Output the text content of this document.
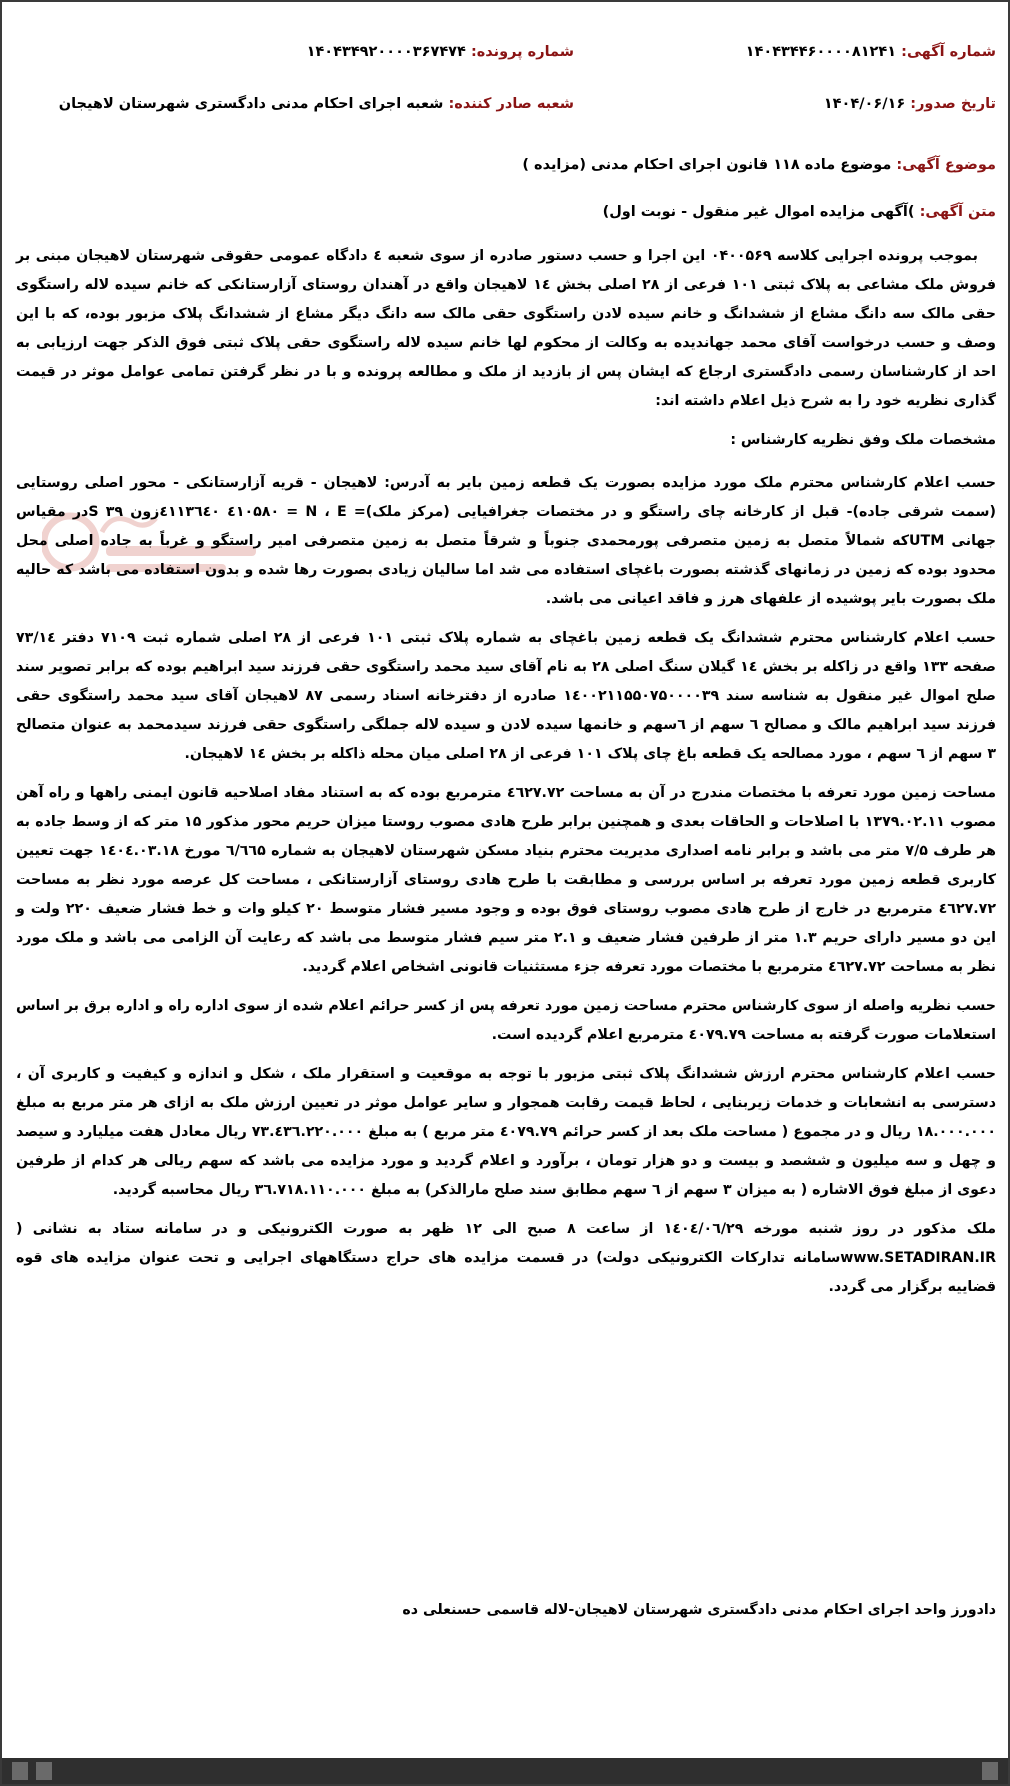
شماره آگهی: ۱۴۰۴۳۴۴۶۰۰۰۰۸۱۲۴۱
شماره پرونده: ۱۴۰۴۳۴۹۲۰۰۰۰۳۶۷۴۷۴
تاریخ صدور: ۱۴۰۴/۰۶/۱۶
شعبه صادر کننده: شعبه اجرای احکام مدنی دادگستری شهرستان لاهیجان
موضوع آگهی: موضوع ماده ۱۱۸ قانون اجرای احکام مدنی (مزایده )
متن آگهی: )آگهی مزایده اموال غیر منقول - نوبت اول)

بموجب پرونده اجرایی کلاسه ۰۴۰۰۵۶۹ این اجرا و حسب دستور صادره از سوی شعبه ٤ دادگاه عمومی حقوقی شهرستان لاهیجان مبنی بر فروش ملک مشاعی به پلاک ثبتی ۱۰۱ فرعی از ۲۸ اصلی بخش ۱٤ لاهیجان واقع در آهندان روستای آزارستانکی که خانم سیده لاله راستگوی حقی مالک سه دانگ مشاع از ششدانگ و خانم سیده لادن راستگوی حقی مالک سه دانگ دیگر مشاع از ششدانگ پلاک مزبور بوده، که با این وصف و حسب درخواست آقای محمد جهاندیده به وکالت از محکوم لها خانم سیده لاله راستگوی حقی پلاک ثبتی فوق الذکر جهت ارزیابی به احد از کارشناسان رسمی دادگستری ارجاع که ایشان پس از بازدید از ملک و مطالعه پرونده و با در نظر گرفتن تمامی عوامل موثر در قیمت گذاری نظریه خود را به شرح ذیل اعلام داشته اند:

مشخصات ملک وفق نظریه کارشناس :

حسب اعلام کارشناس محترم ملک مورد مزایده بصورت یک قطعه زمین بایر به آدرس: لاهیجان - قریه آزارستانکی - محور اصلی روستایی (سمت شرقی جاده)- قبل از کارخانه چای راستگو و در مختصات جغرافیایی (مرکز ملک)= N ، E = ٤۱۰۵۸۰ ٤۱۱۳٦٤۰زون ۳۹ Sدر مقیاس جهانی UTMکه شمالاً متصل به زمین متصرفی پورمحمدی جنوباً و شرقاً متصل به زمین متصرفی امیر راستگو و غرباً به جاده اصلی محل محدود بوده که زمین در زمانهای گذشته بصورت باغچای استفاده می شد اما سالیان زیادی بصورت رها شده و بدون استفاده می باشد که حالیه ملک بصورت بایر پوشیده از علفهای هرز و فاقد اعیانی می باشد.

حسب اعلام کارشناس محترم ششدانگ یک قطعه زمین باغچای به شماره پلاک ثبتی ۱۰۱ فرعی از ۲۸ اصلی شماره ثبت ۷۱۰۹ دفتر ۷۳/۱٤ صفحه ۱۳۳ واقع در زاکله بر بخش ۱٤ گیلان سنگ اصلی ۲۸ به نام آقای سید محمد راستگوی حقی فرزند سید ابراهیم بوده که برابر تصویر سند صلح اموال غیر منقول به شناسه سند ۱٤۰۰۲۱۱۵۵۰۷۵۰۰۰۰۳۹ صادره از دفترخانه اسناد رسمی ۸۷ لاهیجان آقای سید محمد راستگوی حقی فرزند سید ابراهیم مالک و مصالح ٦ سهم از ٦سهم و خانمها سیده لادن و سیده لاله جملگی راستگوی حقی فرزند سیدمحمد به عنوان متصالح ۳ سهم از ٦ سهم ، مورد مصالحه یک قطعه باغ چای پلاک ۱۰۱ فرعی از ۲۸ اصلی میان محله ذاکله بر بخش ۱٤ لاهیجان.

مساحت زمین مورد تعرفه با مختصات مندرج در آن به مساحت ٤٦۲۷.۷۲ مترمربع بوده که به استناد مفاد اصلاحیه قانون ایمنی راهها و راه آهن مصوب ۱۳۷۹.۰۲.۱۱ با اصلاحات و الحاقات بعدی و همچنین برابر طرح هادی مصوب روستا میزان حریم محور مذکور ۱۵ متر که از وسط جاده به هر طرف ۷/۵ متر می باشد و برابر نامه اصداری مدیریت محترم بنیاد مسکن شهرستان لاهیجان به شماره ٦/٦٦۵ مورخ ۱٤۰٤.۰۳.۱۸ جهت تعیین کاربری قطعه زمین مورد تعرفه بر اساس بررسی و مطابقت با طرح هادی روستای آزارستانکی ، مساحت کل عرصه مورد نظر به مساحت ٤٦۲۷.۷۲ مترمربع در خارج از طرح هادی مصوب روستای فوق بوده و وجود مسیر فشار متوسط ۲۰ کیلو وات و خط فشار ضعیف ۲۲۰ ولت و این دو مسیر دارای حریم ۱.۳ متر از طرفین فشار ضعیف و ۲.۱ متر سیم فشار متوسط می باشد که رعایت آن الزامی می باشد و ملک مورد نظر به مساحت ٤٦۲۷.۷۲ مترمربع با مختصات مورد تعرفه جزء مستثنیات قانونی اشخاص اعلام گردید.

حسب نظریه واصله از سوی کارشناس محترم مساحت زمین مورد تعرفه پس از کسر حرائم اعلام شده از سوی اداره راه و اداره برق بر اساس استعلامات صورت گرفته به مساحت ٤۰۷۹.۷۹ مترمربع اعلام گردیده است.

حسب اعلام کارشناس محترم ارزش ششدانگ پلاک ثبتی مزبور با توجه به موقعیت و استقرار ملک ، شکل و اندازه و کیفیت و کاربری آن ، دسترسی به انشعابات و خدمات زیربنایی ، لحاظ قیمت رقابت همجوار و سایر عوامل موثر در تعیین ارزش ملک به ازای هر متر مربع به مبلغ ۱۸.۰۰۰.۰۰۰ ریال و در مجموع ( مساحت ملک بعد از کسر حرائم ٤۰۷۹.۷۹ متر مربع ) به مبلغ ۷۳.٤۳٦.۲۲۰.۰۰۰ ریال معادل هفت میلیارد و سیصد و چهل و سه میلیون و ششصد و بیست و دو هزار تومان ، برآورد و اعلام گردید و مورد مزایده می باشد که سهم ریالی هر کدام از طرفین دعوی از مبلغ فوق الاشاره ( به میزان ۳ سهم از ٦ سهم مطابق سند صلح مارالذکر) به مبلغ ۳٦.۷۱۸.۱۱۰.۰۰۰ ریال محاسبه گردید.

ملک مذکور در روز شنبه مورخه ۱٤۰٤/۰٦/۲۹ از ساعت ۸ صبح الی ۱۲ ظهر به صورت الکترونیکی و در سامانه ستاد به نشانی ( www.SETADIRAN.IRسامانه تدارکات الکترونیکی دولت) در قسمت مزایده های حراج دستگاههای اجرایی و تحت عنوان مزایده های قوه قضاییه برگزار می گردد.

دادورز واحد اجرای احکام مدنی دادگستری شهرستان لاهیجان-لاله قاسمی حسنعلی ده
